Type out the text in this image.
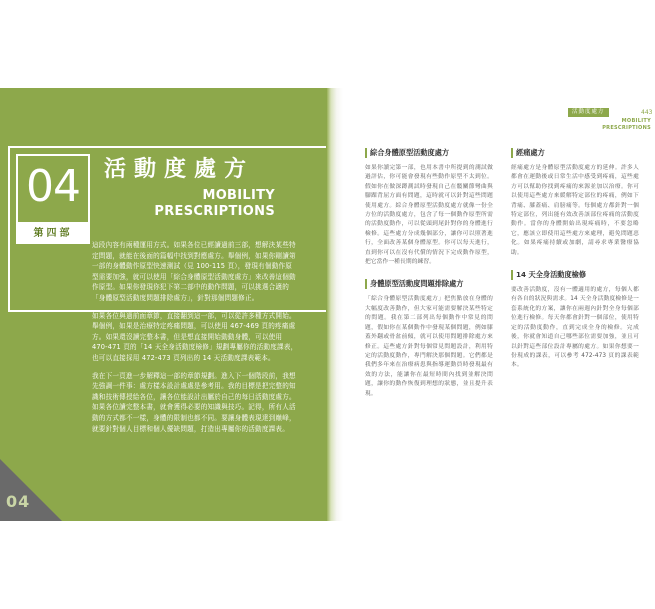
04
第四部
活動度處方
MOBILITY
PRESCRIPTIONS

這段內容有兩種運用方式。如果各位已經讀過前三部，想解決某些特定問題，就能在後面的篇幅中找到對應處方。舉個例，如果你剛讀第一部的身體動作原型快速測試（見 100-115 頁），發現有個動作原型需要加強，就可以使用「綜合身體原型活動度處方」來改善這個動作原型。如果你發現你犯下第二部中的動作問題，可以挑選合適的「身體原型活動度問題排除處方」，針對那個問題修正。

如果各位與過前面章節，直接翻到這一部，可以從許多種方式開始。舉個例，如果是治療特定疼痛問題，可以使用 467-469 頁的疼痛處方。如果還沒讀完整本書，但是想直接開始動動身體，可以使用 470-471 頁的「14 天全身活動度檢修」規劃專屬你的活動度課表，也可以直接採用 472-473 頁列出的 14 天活動度課表範本。

我在下一頁進一步解釋這一部的章節規劃。進入下一個階段前，我想先強調一件事：處方樣本設計處處是參考用。我的目標是把完整的知識和技術傳授給各位，讓各位能設計出屬於自己的每日活動度處方。如果各位讀完整本書，就會獲得必要的知識與技巧。記得，所有人活動的方式都不一樣，身體的限制也都不同。要讓身體表現達到巔峰，就要針對個人目標和個人優缺問題，打造出專屬你的活動度課表。

04
活動度處方	443
MOBILITY
PRESCRIPTIONS
綜合身體原型活動度處方

如果你讀完第一部，也用本書中所提到的測試做過評估，你可能會發現有些動作原型不太到位。假如你在做深蹲測試時發現自己在髖關節彎曲與腳踝背屈方面有問題，這時就可以針對這些問題使用處方。綜合身體原型活動度處方就像一份全方位的活動度處方，包含了每一個動作原型所需的活動度動作，可以從頭到尾針對你的身體進行檢修。這些處方分成幾個部分，讓你可以照著進行，全面改善某個身體原型。你可以每天進行，直到你可以在沒有代償的情況下完成動作原型，把它當作一種長期的練習。

身體原型活動度問題排除處方

「綜合身體原型活動度處方」把焦點放在身體的大幅度改善動作，但大家可能需要解決某些特定的問題。我在第二部列出每個動作中常見的問題，假如你在某個動作中發現某個問題，例如膝蓋外翻或骨盆前傾，就可以使用問題排除處方來修正。這些處方針對每個常見問題設計，利用特定的活動度動作，專門解決那個問題。它們都是我們多年來在治療病患與指導運動員時發現最有效的方法，能讓你在最短時間內找到並解決問題，讓你的動作恢復到理想的狀態，並且提升表現。

經痛處方

經痛處方是身體原型活動度處方的延伸。許多人都會在運動後或日常生活中感受到疼痛，這些處方可以幫助你找到疼痛的來源並加以治療。你可以使用這些處方來緩解特定部位的疼痛，例如下背痛、膝蓋痛、肩膀痛等。每個處方都針對一個特定部位，列出能有效改善該部位疼痛的活動度動作。當你的身體開始出現疼痛時，不要忽略它，應該立即使用這些處方來處理，避免問題惡化。如果疼痛持續或加劇，請尋求專業醫療協助。

14 天全身活動度檢修

要改善活動度，沒有一體適用的處方，每個人都有各自的狀況與需求。14 天全身活動度檢修是一套系統化的方案，讓你在兩週內針對全身每個部位進行檢修。每天你都會針對一個部位，使用特定的活動度動作，直到完成全身的檢修。完成後，你就會知道自己哪些部位需要加強，並且可以針對這些部位設計專屬的處方。如果你想要一份現成的課表，可以參考 472-473 頁的課表範本。
